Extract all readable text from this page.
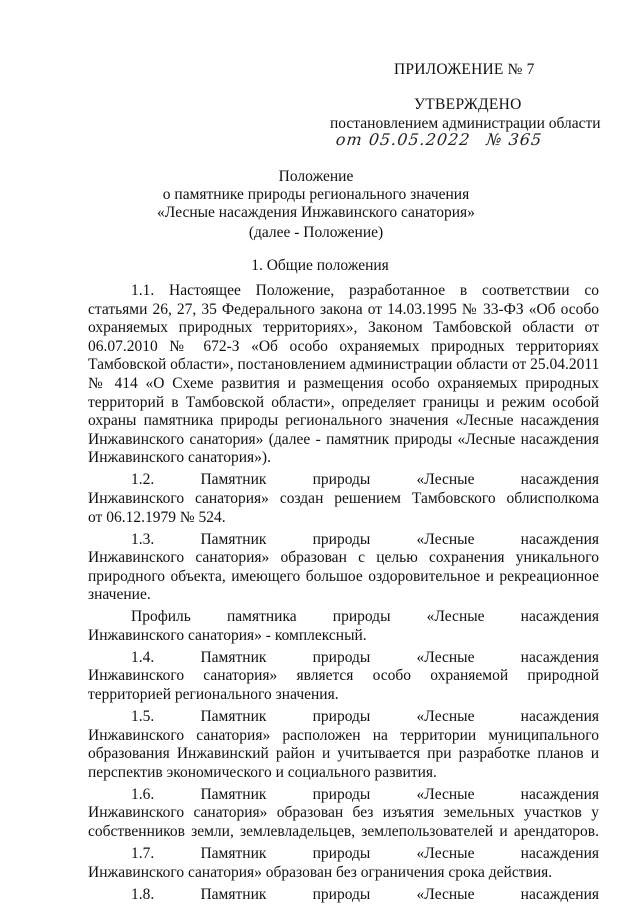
ПРИЛОЖЕНИЕ № 7
УТВЕРЖДЕНО
постановлением администрации области
от 05.05.2022 № 365
Положение
о памятнике природы регионального значения
«Лесные насаждения Инжавинского санатория»
(далее - Положение)
1. Общие положения
1.1. Настоящее Положение, разработанное в соответствии со
статьями 26, 27, 35 Федерального закона от 14.03.1995 № 33-ФЗ «Об особо
охраняемых природных территориях», Законом Тамбовской области от
06.07.2010 № 672-З «Об особо охраняемых природных территориях
Тамбовской области», постановлением администрации области от 25.04.2011
№ 414 «О Схеме развития и размещения особо охраняемых природных
территорий в Тамбовской области», определяет границы и режим особой
охраны памятника природы регионального значения «Лесные насаждения
Инжавинского санатория» (далее - памятник природы «Лесные насаждения
Инжавинского санатория»).
1.2. Памятник природы «Лесные насаждения
Инжавинского санатория» создан решением Тамбовского облисполкома
от 06.12.1979 № 524.
1.3. Памятник природы «Лесные насаждения
Инжавинского санатория» образован с целью сохранения уникального
природного объекта, имеющего большое оздоровительное и рекреационное
значение.
Профиль памятника природы «Лесные насаждения
Инжавинского санатория» - комплексный.
1.4. Памятник природы «Лесные насаждения
Инжавинского санатория» является особо охраняемой природной
территорией регионального значения.
1.5. Памятник природы «Лесные насаждения
Инжавинского санатория» расположен на территории муниципального
образования Инжавинский район и учитывается при разработке планов и
перспектив экономического и социального развития.
1.6. Памятник природы «Лесные насаждения
Инжавинского санатория» образован без изъятия земельных участков у
собственников земли, землевладельцев, землепользователей и арендаторов.
1.7. Памятник природы «Лесные насаждения
Инжавинского санатория» образован без ограничения срока действия.
1.8. Памятник природы «Лесные насаждения
